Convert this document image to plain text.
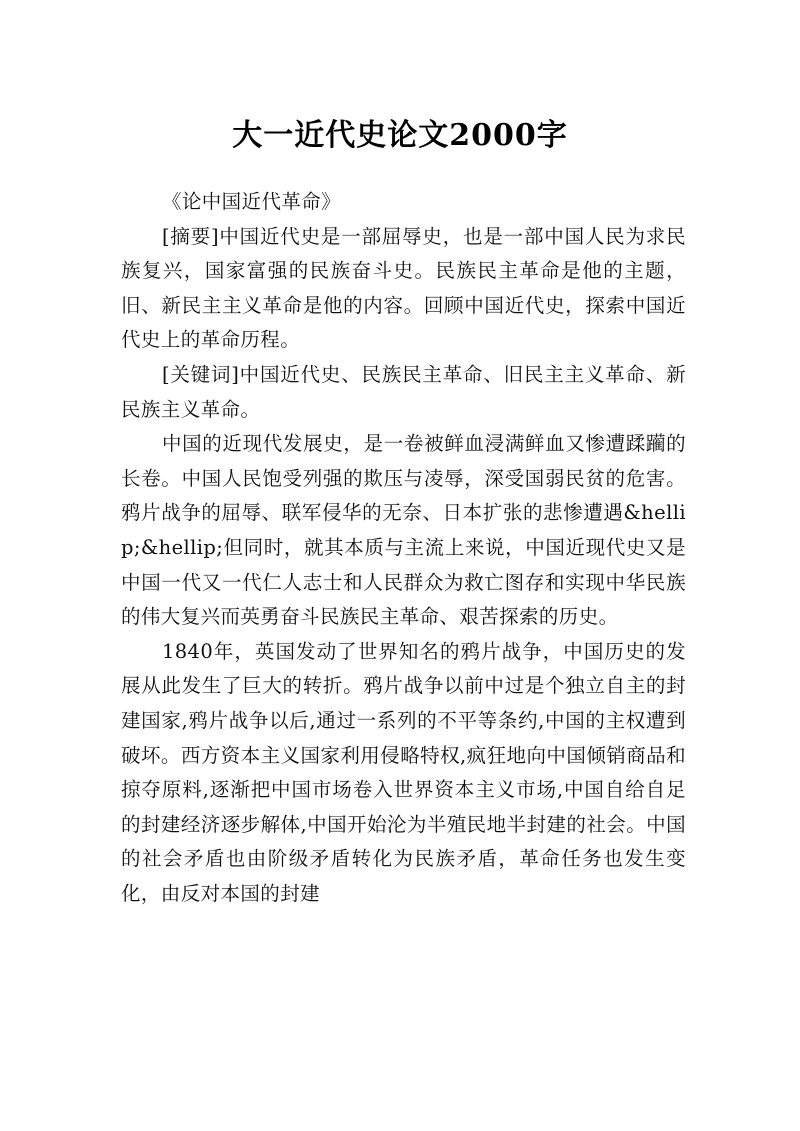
大一近代史论文2000字

《论中国近代革命》

[摘要]中国近代史是一部屈辱史，也是一部中国人民为求民族复兴，国家富强的民族奋斗史。民族民主革命是他的主题，旧、新民主主义革命是他的内容。回顾中国近代史，探索中国近代史上的革命历程。

[关键词]中国近代史、民族民主革命、旧民主主义革命、新民族主义革命。

中国的近现代发展史，是一卷被鲜血浸满鲜血又惨遭蹂躏的长卷。中国人民饱受列强的欺压与凌辱，深受国弱民贫的危害。鸦片战争的屈辱、联军侵华的无奈、日本扩张的悲惨遭遇&hellip;&hellip;但同时，就其本质与主流上来说，中国近现代史又是中国一代又一代仁人志士和人民群众为救亡图存和实现中华民族的伟大复兴而英勇奋斗民族民主革命、艰苦探索的历史。

1840年，英国发动了世界知名的鸦片战争，中国历史的发展从此发生了巨大的转折。鸦片战争以前中过是个独立自主的封建国家,鸦片战争以后,通过一系列的不平等条约,中国的主权遭到破坏。西方资本主义国家利用侵略特权,疯狂地向中国倾销商品和掠夺原料,逐渐把中国市场卷入世界资本主义市场,中国自给自足的封建经济逐步解体,中国开始沦为半殖民地半封建的社会。中国的社会矛盾也由阶级矛盾转化为民族矛盾，革命任务也发生变化，由反对本国的封建
